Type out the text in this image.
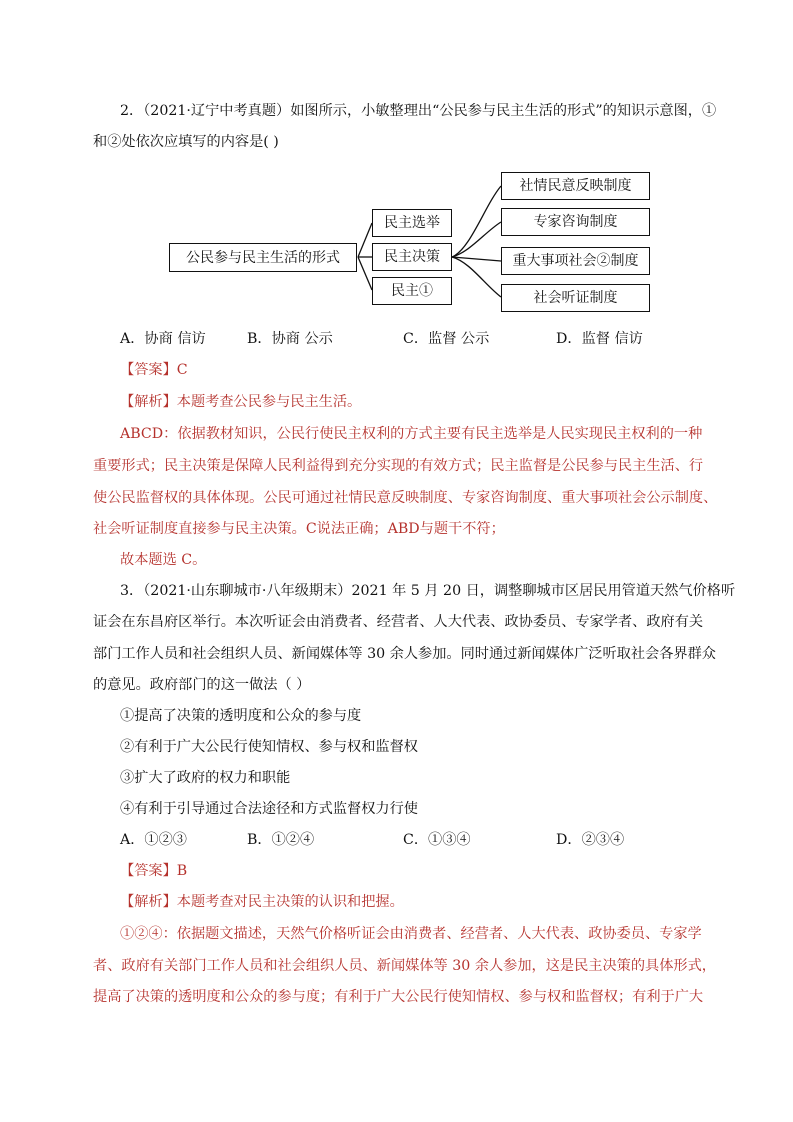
2．（2021·辽宁中考真题）如图所示，小敏整理出“公民参与民主生活的形式”的知识示意图，①
和②处依次应填写的内容是( )
公民参与民主生活的形式
民主选举
民主决策
民主①
社情民意反映制度
专家咨询制度
重大事项社会②制度
社会听证制度
A．协商 信访	B．协商 公示	C．监督 公示	D．监督 信访
【答案】C
【解析】本题考查公民参与民主生活。
ABCD：依据教材知识，公民行使民主权利的方式主要有民主选举是人民实现民主权利的一种
重要形式；民主决策是保障人民利益得到充分实现的有效方式；民主监督是公民参与民主生活、行
使公民监督权的具体体现。公民可通过社情民意反映制度、专家咨询制度、重大事项社会公示制度、
社会听证制度直接参与民主决策。C说法正确；ABD与题干不符；
故本题选 C。
3．（2021·山东聊城市·八年级期末）2021 年 5 月 20 日，调整聊城市区居民用管道天然气价格听
证会在东昌府区举行。本次听证会由消费者、经营者、人大代表、政协委员、专家学者、政府有关
部门工作人员和社会组织人员、新闻媒体等 30 余人参加。同时通过新闻媒体广泛听取社会各界群众
的意见。政府部门的这一做法（ ）
①提高了决策的透明度和公众的参与度
②有利于广大公民行使知情权、参与权和监督权
③扩大了政府的权力和职能
④有利于引导通过合法途径和方式监督权力行使
A．①②③	B．①②④	C．①③④	D．②③④
【答案】B
【解析】本题考查对民主决策的认识和把握。
①②④：依据题文描述，天然气价格听证会由消费者、经营者、人大代表、政协委员、专家学
者、政府有关部门工作人员和社会组织人员、新闻媒体等 30 余人参加，这是民主决策的具体形式，
提高了决策的透明度和公众的参与度；有利于广大公民行使知情权、参与权和监督权；有利于广大
